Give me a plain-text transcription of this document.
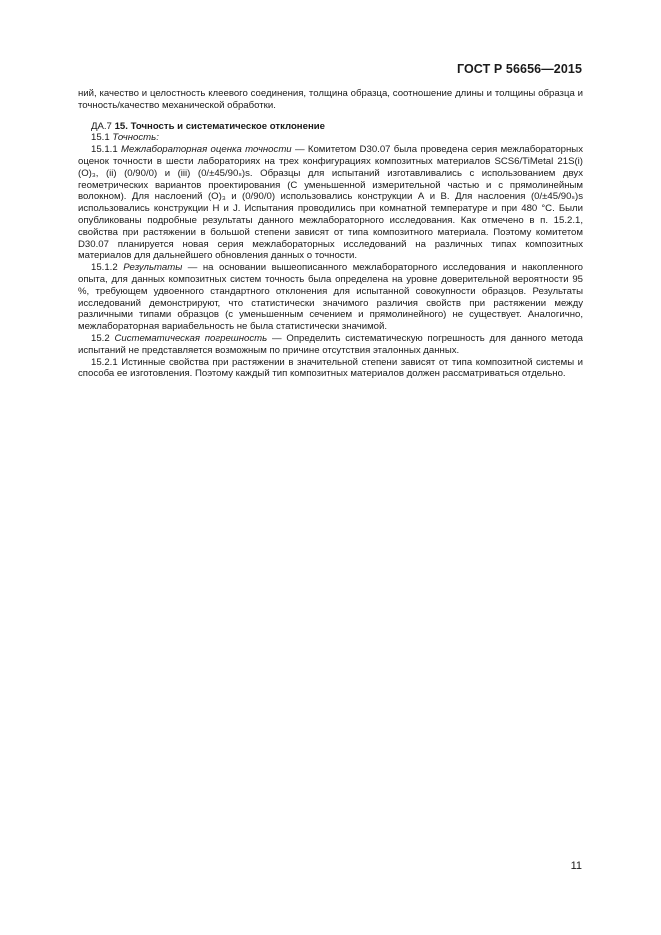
ГОСТ Р 56656—2015

ний, качество и целостность клеевого соединения, толщина образца, соотношение длины и толщины образца и точность/качество механической обработки.

ДА.7 15. Точность и систематическое отклонение

15.1 Точность:

15.1.1 Межлабораторная оценка точности — Комитетом D30.07 была проведена серия межлабораторных оценок точности в шести лабораториях на трех конфигурациях композитных материалов SCS6/TiMetal 21S(i) (O)₃, (ii) (0/90/0) и (iii) (0/±45/90ₛ)s. Образцы для испытаний изготавливались с использованием двух геометрических вариантов проектирования (С уменьшенной измерительной частью и с прямолинейным волокном). Для наслоений (O)₃ и (0/90/0) использовались конструкции А и В. Для наслоения (0/±45/90ₛ)s использовались конструкции Н и J. Испытания проводились при комнатной температуре и при 480 °С. Были опубликованы подробные результаты данного межлабораторного исследования. Как отмечено в п. 15.2.1, свойства при растяжении в большой степени зависят от типа композитного материала. Поэтому комитетом D30.07 планируется новая серия межлабораторных исследований на различных типах композитных материалов для дальнейшего обновления данных о точности.

15.1.2 Результаты — на основании вышеописанного межлабораторного исследования и накопленного опыта, для данных композитных систем точность была определена на уровне доверительной вероятности 95 %, требующем удвоенного стандартного отклонения для испытанной совокупности образцов. Результаты исследований демонстрируют, что статистически значимого различия свойств при растяжении между различными типами образцов (с уменьшенным сечением и прямолинейного) не существует. Аналогично, межлабораторная вариабельность не была статистически значимой.

15.2 Систематическая погрешность — Определить систематическую погрешность для данного метода испытаний не представляется возможным по причине отсутствия эталонных данных.

15.2.1 Истинные свойства при растяжении в значительной степени зависят от типа композитной системы и способа ее изготовления. Поэтому каждый тип композитных материалов должен рассматриваться отдельно.

11
